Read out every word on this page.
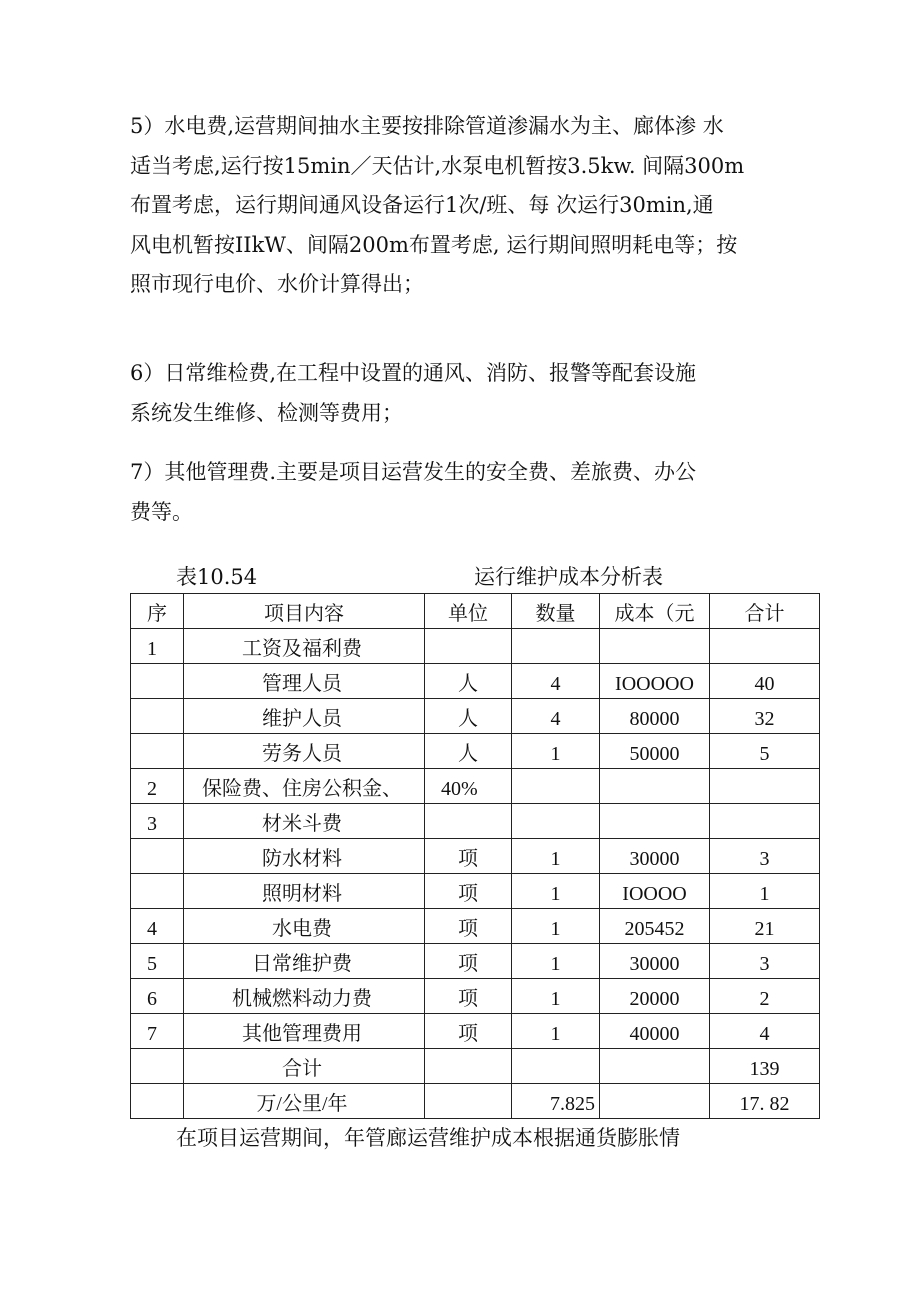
5）水电费,运营期间抽水主要按排除管道渗漏水为主、廊体渗 水
适当考虑,运行按15min／天估计,水泵电机暂按3.5kw. 间隔300m
布置考虑，运行期间通风设备运行1次/班、每 次运行30min,通
风电机暂按IIkW、间隔200m布置考虑, 运行期间照明耗电等；按
照市现行电价、水价计算得出；
6）日常维检费,在工程中设置的通风、消防、报警等配套设施
系统发生维修、检测等费用；
7）其他管理费.主要是项目运营发生的安全费、差旅费、办公
费等。
表10.54	运行维护成本分析表
序	项目内容	单位	数量	成本（元	合计
1	工资及福利费				
	管理人员	人	4	IOOOOO	40
	维护人员	人	4	80000	32
	劳务人员	人	1	50000	5
2	保险费、住房公积金、	40%			
3	材米斗费				
	防水材料	项	1	30000	3
	照明材料	项	1	IOOOO	1
4	水电费	项	1	205452	21
5	日常维护费	项	1	30000	3
6	机械燃料动力费	项	1	20000	2
7	其他管理费用	项	1	40000	4
	合计				139
	万/公里/年		7.825		17. 82
在项目运营期间，年管廊运营维护成本根据通货膨胀情
